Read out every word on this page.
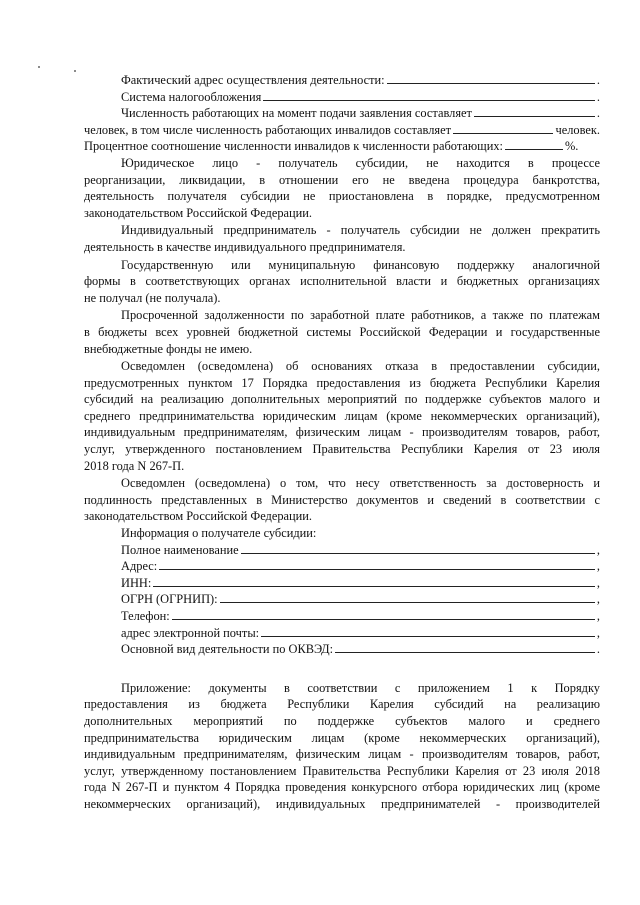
Фактический адрес осуществления деятельности:	.
Система налогообложения	.
Численность работающих на момент подачи заявления составляет	.
человек, в том числе численность работающих инвалидов составляет	человек.
Процентное соотношение численности инвалидов к численности работающих:	%.
Юридическое лицо - получатель субсидии, не находится в процессе
реорганизации, ликвидации, в отношении его не введена процедура банкротства,
деятельность получателя субсидии не приостановлена в порядке, предусмотренном
законодательством Российской Федерации.
Индивидуальный предприниматель - получатель субсидии не должен прекратить
деятельность в качестве индивидуального предпринимателя.
Государственную или муниципальную финансовую поддержку аналогичной
формы в соответствующих органах исполнительной власти и бюджетных организациях
не получал (не получала).
Просроченной задолженности по заработной плате работников, а также по платежам
в бюджеты всех уровней бюджетной системы Российской Федерации и государственные
внебюджетные фонды не имею.
Осведомлен (осведомлена) об основаниях отказа в предоставлении субсидии,
предусмотренных пунктом 17 Порядка предоставления из бюджета Республики Карелия
субсидий на реализацию дополнительных мероприятий по поддержке субъектов малого и
среднего предпринимательства юридическим лицам (кроме некоммерческих организаций),
индивидуальным предпринимателям, физическим лицам - производителям товаров, работ,
услуг, утвержденного постановлением Правительства Республики Карелия от 23 июля
2018 года N 267-П.
Осведомлен (осведомлена) о том, что несу ответственность за достоверность и
подлинность представленных в Министерство документов и сведений в соответствии с
законодательством Российской Федерации.
Информация о получателе субсидии:
Полное наименование	,
Адрес:	,
ИНН:	,
ОГРН (ОГРНИП):	,
Телефон:	,
адрес электронной почты:	,
Основной вид деятельности по ОКВЭД:	.
Приложение: документы в соответствии с приложением 1 к Порядку
предоставления из бюджета Республики Карелия субсидий на реализацию
дополнительных мероприятий по поддержке субъектов малого и среднего
предпринимательства юридическим лицам (кроме некоммерческих организаций),
индивидуальным предпринимателям, физическим лицам - производителям товаров, работ,
услуг, утвержденному постановлением Правительства Республики Карелия от 23 июля 2018
года N 267-П и пунктом 4 Порядка проведения конкурсного отбора юридических лиц (кроме
некоммерческих организаций), индивидуальных предпринимателей - производителей
